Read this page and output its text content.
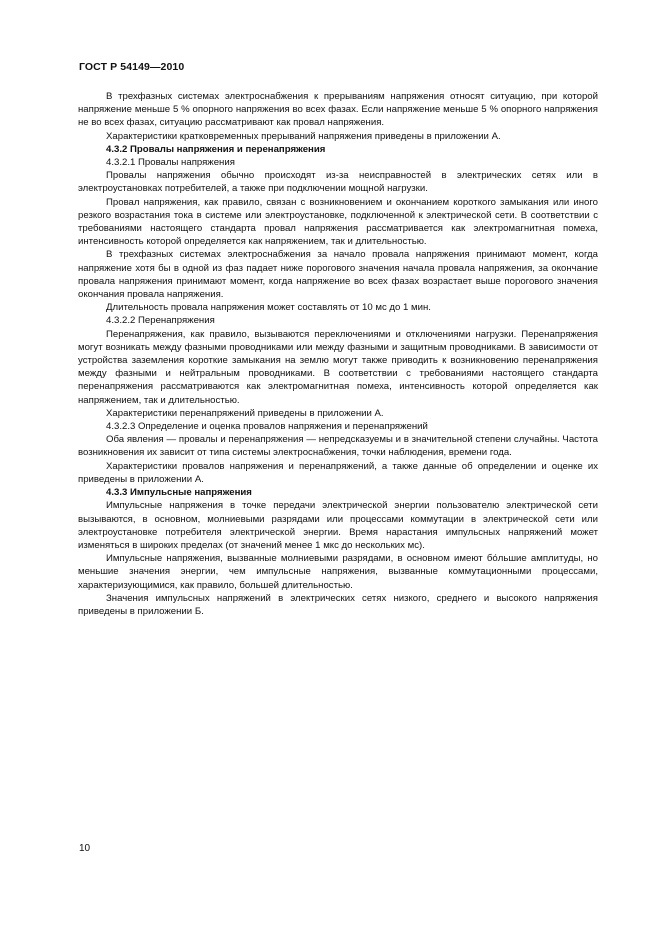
ГОСТ Р 54149—2010

В трехфазных системах электроснабжения к прерываниям напряжения относят ситуацию, при которой напряжение меньше 5 % опорного напряжения во всех фазах. Если напряжение меньше 5 % опорного напряжения не во всех фазах, ситуацию рассматривают как провал напряжения.

Характеристики кратковременных прерываний напряжения приведены в приложении А.

4.3.2 Провалы напряжения и перенапряжения

4.3.2.1 Провалы напряжения

Провалы напряжения обычно происходят из-за неисправностей в электрических сетях или в электроустановках потребителей, а также при подключении мощной нагрузки.

Провал напряжения, как правило, связан с возникновением и окончанием короткого замыкания или иного резкого возрастания тока в системе или электроустановке, подключенной к электрической сети. В соответствии с требованиями настоящего стандарта провал напряжения рассматривается как электромагнитная помеха, интенсивность которой определяется как напряжением, так и длительностью.

В трехфазных системах электроснабжения за начало провала напряжения принимают момент, когда напряжение хотя бы в одной из фаз падает ниже порогового значения начала провала напряжения, за окончание провала напряжения принимают момент, когда напряжение во всех фазах возрастает выше порогового значения окончания провала напряжения.

Длительность провала напряжения может составлять от 10 мс до 1 мин.

4.3.2.2 Перенапряжения

Перенапряжения, как правило, вызываются переключениями и отключениями нагрузки. Перенапряжения могут возникать между фазными проводниками или между фазными и защитным проводниками. В зависимости от устройства заземления короткие замыкания на землю могут также приводить к возникновению перенапряжения между фазными и нейтральным проводниками. В соответствии с требованиями настоящего стандарта перенапряжения рассматриваются как электромагнитная помеха, интенсивность которой определяется как напряжением, так и длительностью.

Характеристики перенапряжений приведены в приложении А.

4.3.2.3 Определение и оценка провалов напряжения и перенапряжений

Оба явления — провалы и перенапряжения — непредсказуемы и в значительной степени случайны. Частота возникновения их зависит от типа системы электроснабжения, точки наблюдения, времени года.

Характеристики провалов напряжения и перенапряжений, а также данные об определении и оценке их приведены в приложении А.

4.3.3 Импульсные напряжения

Импульсные напряжения в точке передачи электрической энергии пользователю электрической сети вызываются, в основном, молниевыми разрядами или процессами коммутации в электрической сети или электроустановке потребителя электрической энергии. Время нарастания импульсных напряжений может изменяться в широких пределах (от значений менее 1 мкс до нескольких мс).

Импульсные напряжения, вызванные молниевыми разрядами, в основном имеют бо́льшие амплитуды, но меньшие значения энергии, чем импульсные напряжения, вызванные коммутационными процессами, характеризующимися, как правило, большей длительностью.

Значения импульсных напряжений в электрических сетях низкого, среднего и высокого напряжения приведены в приложении Б.

10
